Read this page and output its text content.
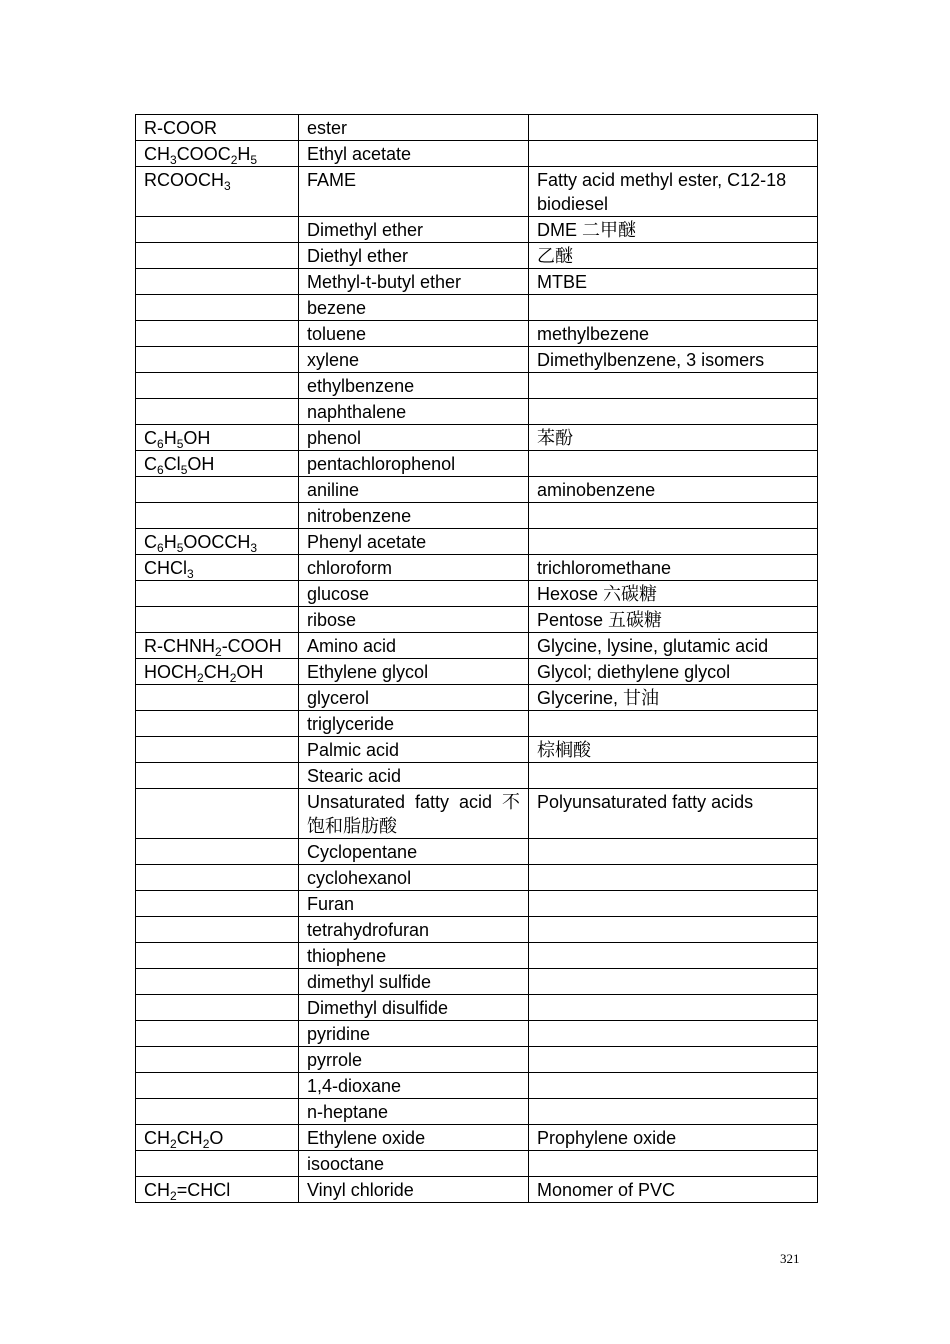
R-COOR	ester	
$CH_3COOC_2H_5$	Ethyl acetate	
$RCOOCH_3$	FAME	Fatty acid methyl ester, C12-18 biodiesel
	Dimethyl ether	DME 二甲醚
	Diethyl ether	乙醚
	Methyl-t-butyl ether	MTBE
	bezene	
	toluene	methylbezene
	xylene	Dimethylbenzene, 3 isomers
	ethylbenzene	
	naphthalene	
$C_6H_5OH$	phenol	苯酚
$C_6Cl_5OH$	pentachlorophenol	
	aniline	aminobenzene
	nitrobenzene	
$C_6H_5OOCCH_3$	Phenyl acetate	
CHCl$_3$	chloroform	trichloromethane
	glucose	Hexose 六碳糖
	ribose	Pentose 五碳糖
$R-CHNH_2$-COOH	Amino acid	Glycine, lysine, glutamic acid
$HOCH_2CH_2OH$	Ethylene glycol	Glycol; diethylene glycol
	glycerol	Glycerine, 甘油
	triglyceride	
	Palmic acid	棕榈酸
	Stearic acid	
	Unsaturated fatty acid 不饱和脂肪酸	Polyunsaturated fatty acids
	Cyclopentane	
	cyclohexanol	
	Furan	
	tetrahydrofuran	
	thiophene	
	dimethyl sulfide	
	Dimethyl disulfide	
	pyridine	
	pyrrole	
	1,4-dioxane	
	n-heptane	
$CH_2CH_2O$	Ethylene oxide	Prophylene oxide
	isooctane	
$CH_2=CHCl$	Vinyl chloride	Monomer of PVC
321
